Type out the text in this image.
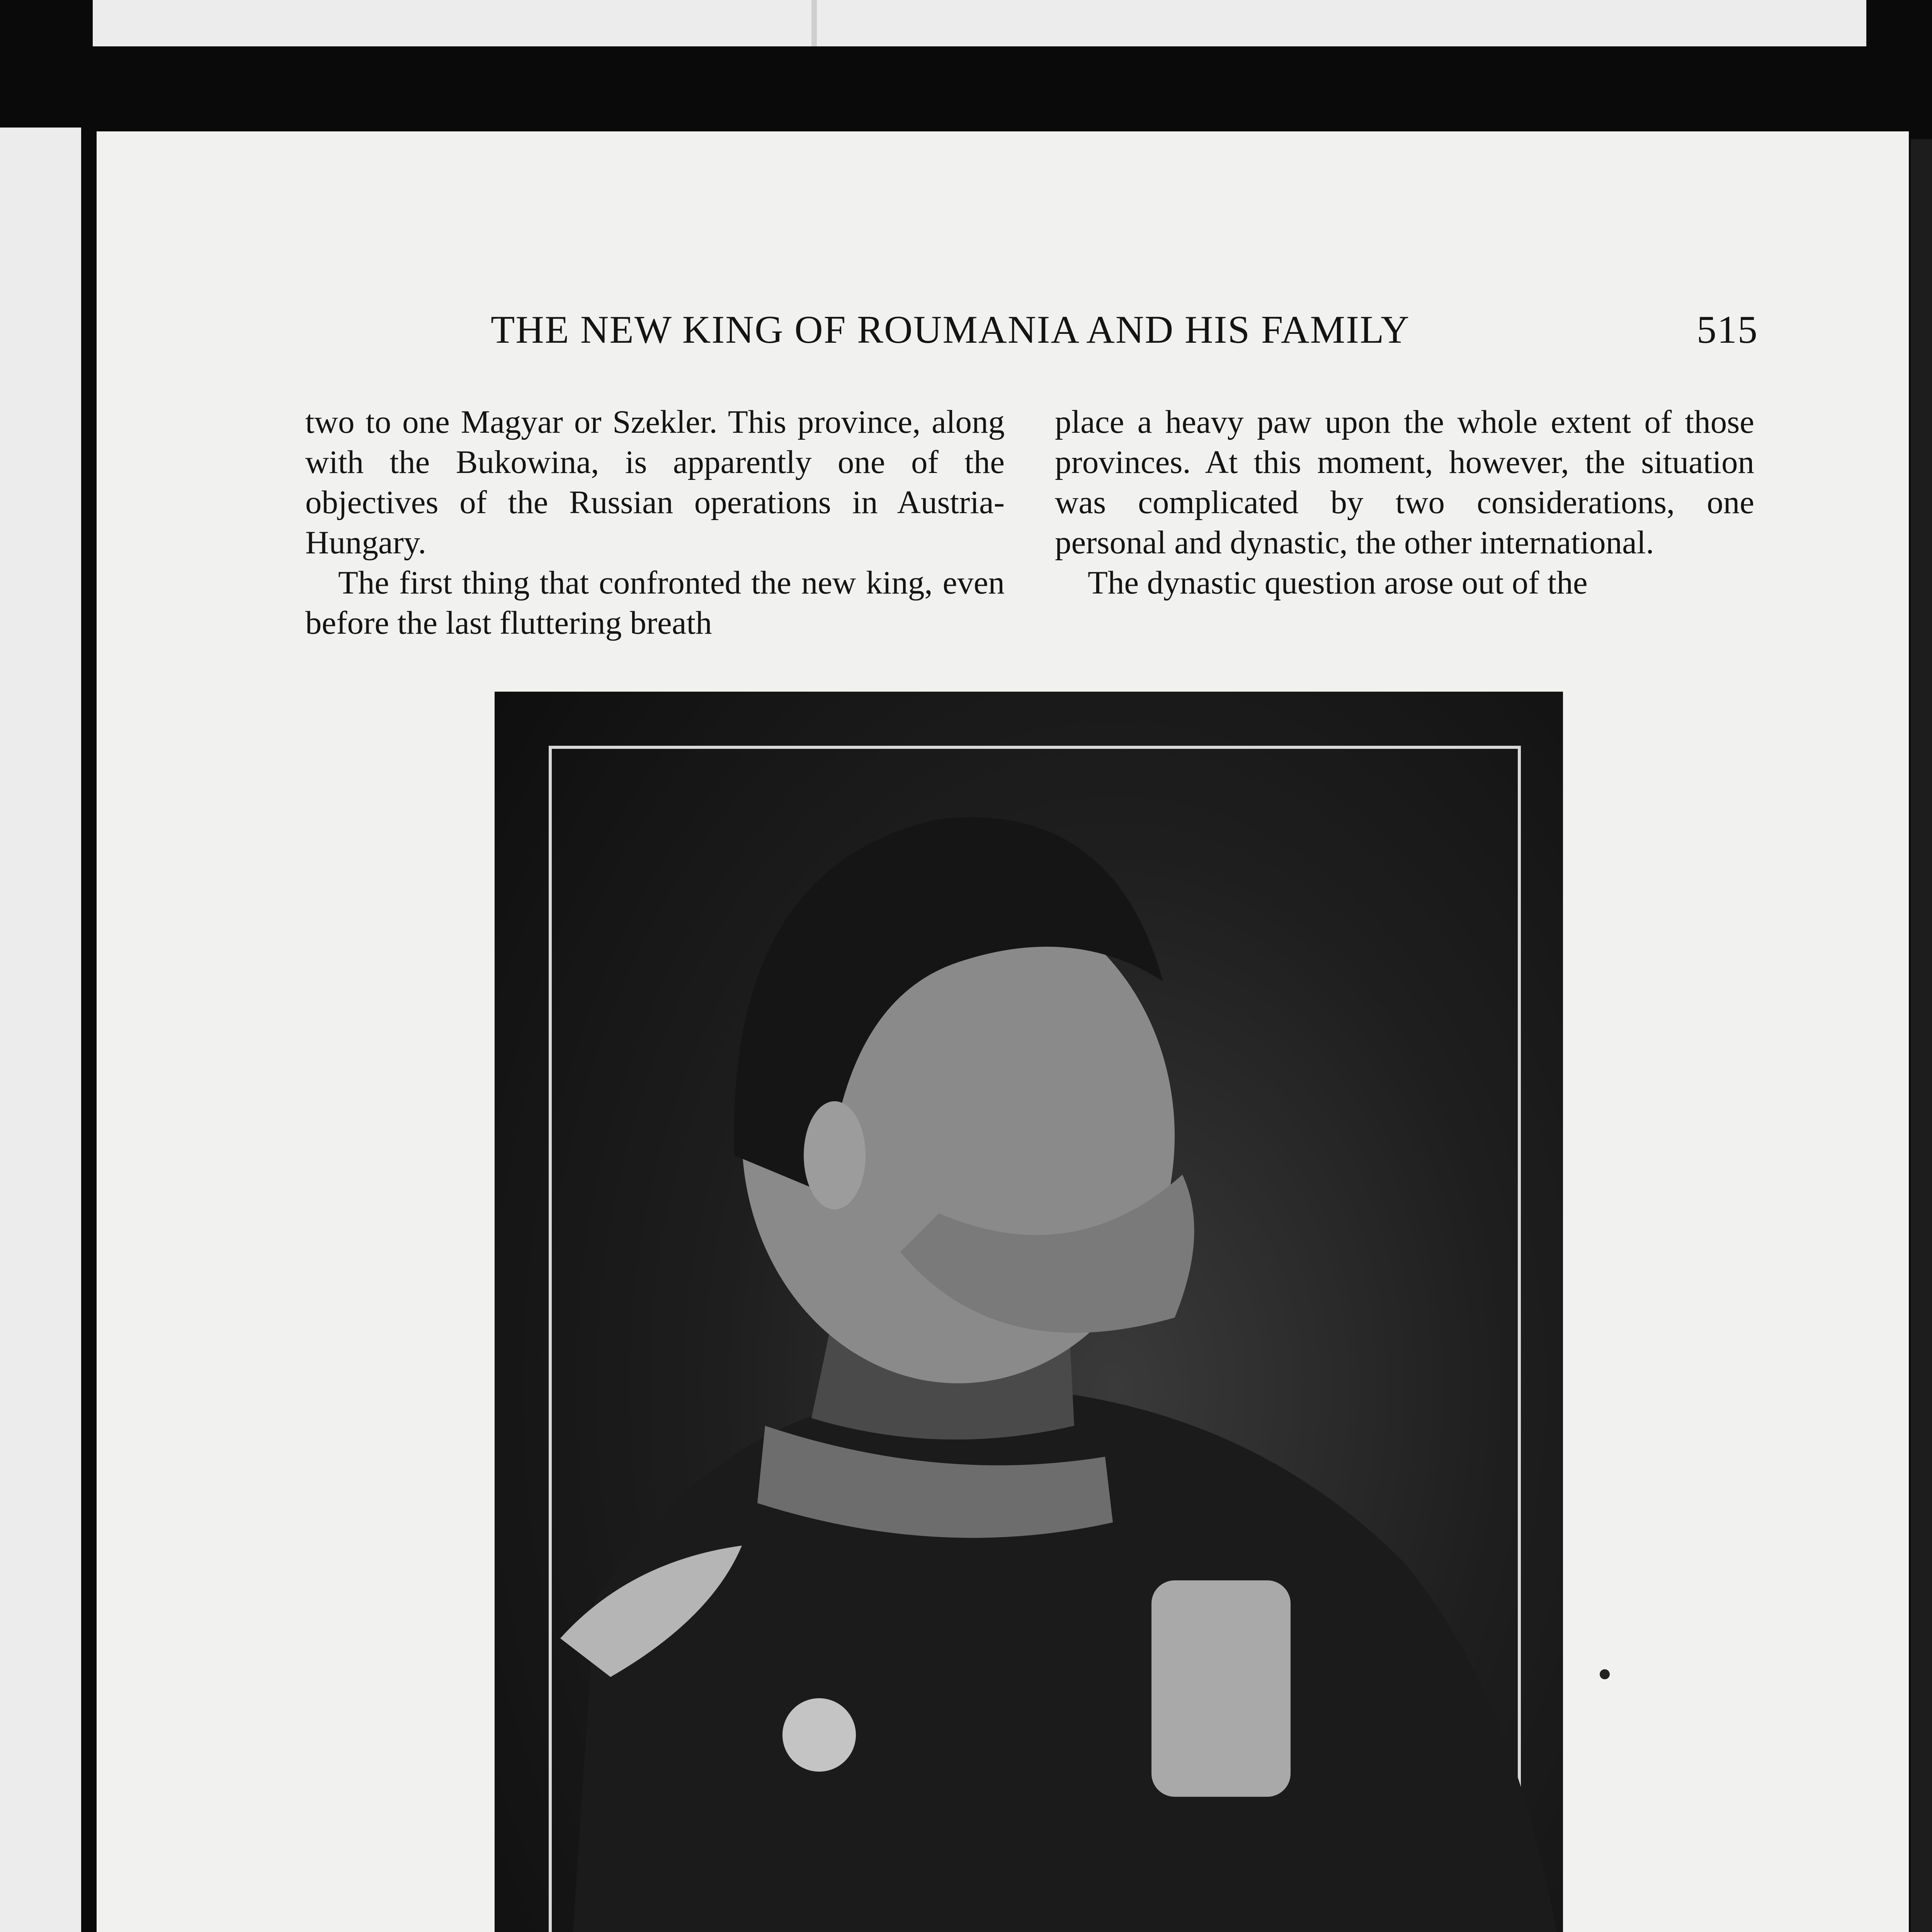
THE NEW KING OF ROUMANIA AND HIS FAMILY	515

two to one Magyar or Szekler. This province, along with the Bukowina, is apparently one of the objectives of the Russian operations in Austria-Hungary.

The first thing that confronted the new king, even before the last fluttering breath

place a heavy paw upon the whole extent of those provinces. At this moment, however, the situation was complicated by two considerations, one personal and dynastic, the other international.

The dynastic question arose out of the
